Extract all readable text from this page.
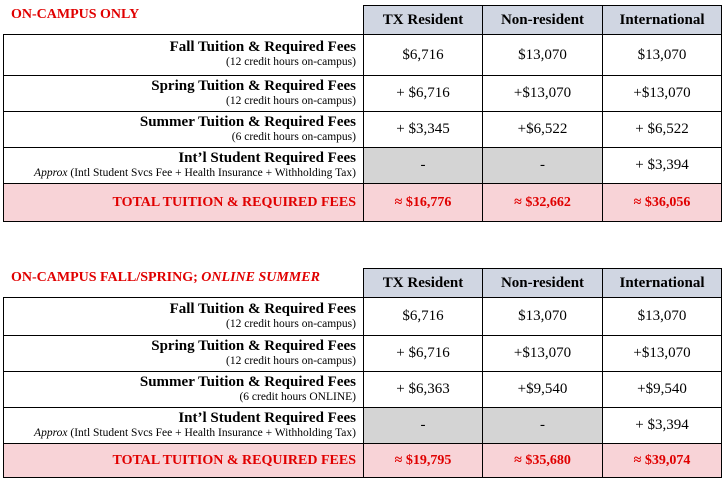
ON-CAMPUS ONLY
		TX Resident	Non-resident	International

Fall Tuition & Required Fees
(12 credit hours on-campus)	$6,716	$13,070	$13,070

Spring Tuition & Required Fees
(12 credit hours on-campus)	+ $6,716	+$13,070	+$13,070

Summer Tuition & Required Fees
(6 credit hours on-campus)	+ $3,345	+$6,522	+ $6,522

Int’l Student Required Fees
Approx (Intl Student Svcs Fee + Health Insurance + Withholding Tax)	-	-	+ $3,394
TOTAL TUITION & REQUIRED FEES	≈ $16,776	≈ $32,662	≈ $36,056
ON-CAMPUS FALL/SPRING; ONLINE SUMMER
		TX Resident	Non-resident	International

Fall Tuition & Required Fees
(12 credit hours on-campus)	$6,716	$13,070	$13,070

Spring Tuition & Required Fees
(12 credit hours on-campus)	+ $6,716	+$13,070	+$13,070

Summer Tuition & Required Fees
(6 credit hours ONLINE)	+ $6,363	+$9,540	+$9,540

Int’l Student Required Fees
Approx (Intl Student Svcs Fee + Health Insurance + Withholding Tax)	-	-	+ $3,394
TOTAL TUITION & REQUIRED FEES	≈ $19,795	≈ $35,680	≈ $39,074
